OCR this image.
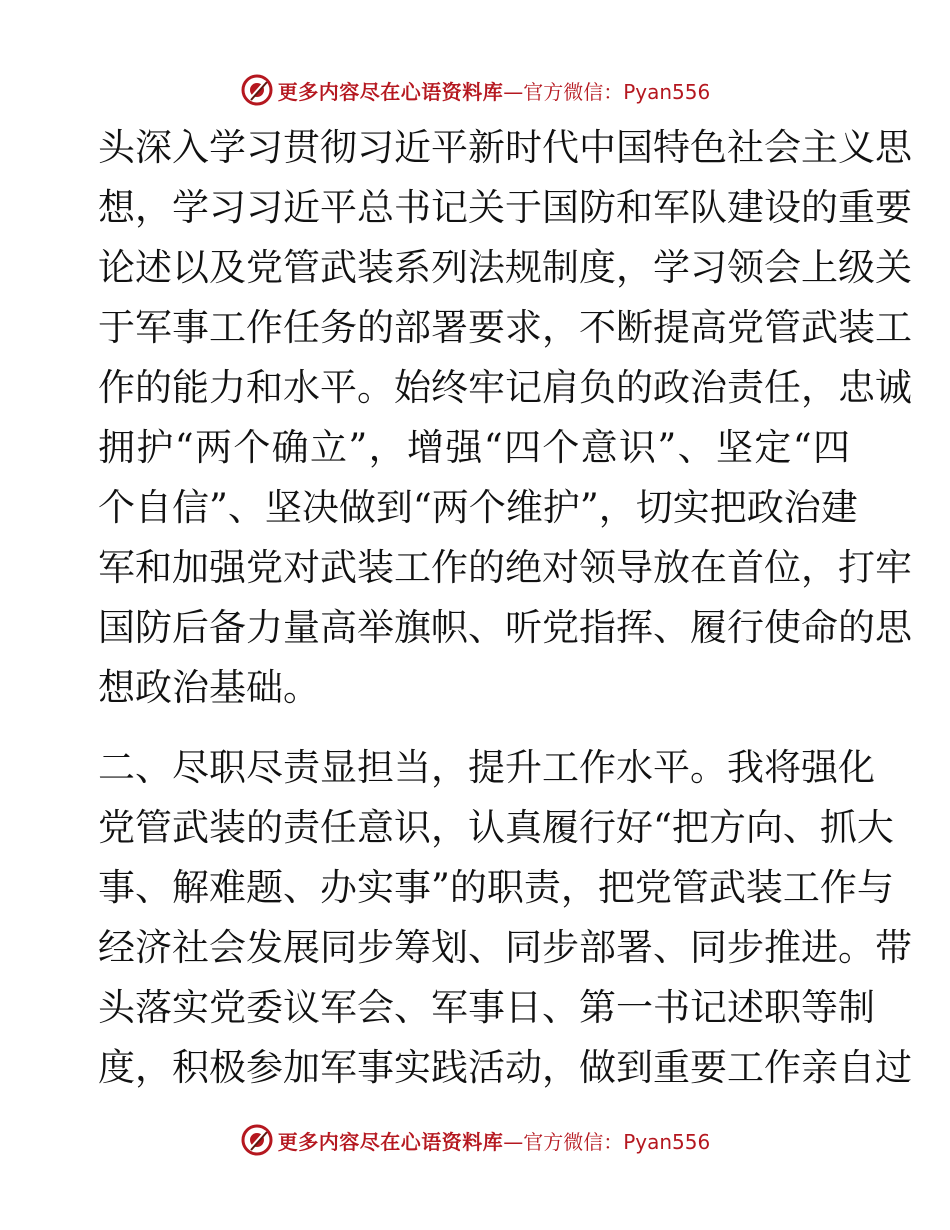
更多内容尽在心语资料库 —官方微信：Pyan556
头深入学习贯彻习近平新时代中国特色社会主义思
想，学习习近平总书记关于国防和军队建设的重要
论述以及党管武装系列法规制度，学习领会上级关
于军事工作任务的部署要求，不断提高党管武装工
作的能力和水平。始终牢记肩负的政治责任，忠诚
拥护“两个确立”，增强“四个意识”、坚定“四
个自信”、坚决做到“两个维护”，切实把政治建
军和加强党对武装工作的绝对领导放在首位，打牢
国防后备力量高举旗帜、听党指挥、履行使命的思
想政治基础。
二、尽职尽责显担当，提升工作水平。我将强化
党管武装的责任意识，认真履行好“把方向、抓大
事、解难题、办实事”的职责，把党管武装工作与
经济社会发展同步筹划、同步部署、同步推进。带
头落实党委议军会、军事日、第一书记述职等制
度，积极参加军事实践活动，做到重要工作亲自过
更多内容尽在心语资料库 —官方微信：Pyan556
